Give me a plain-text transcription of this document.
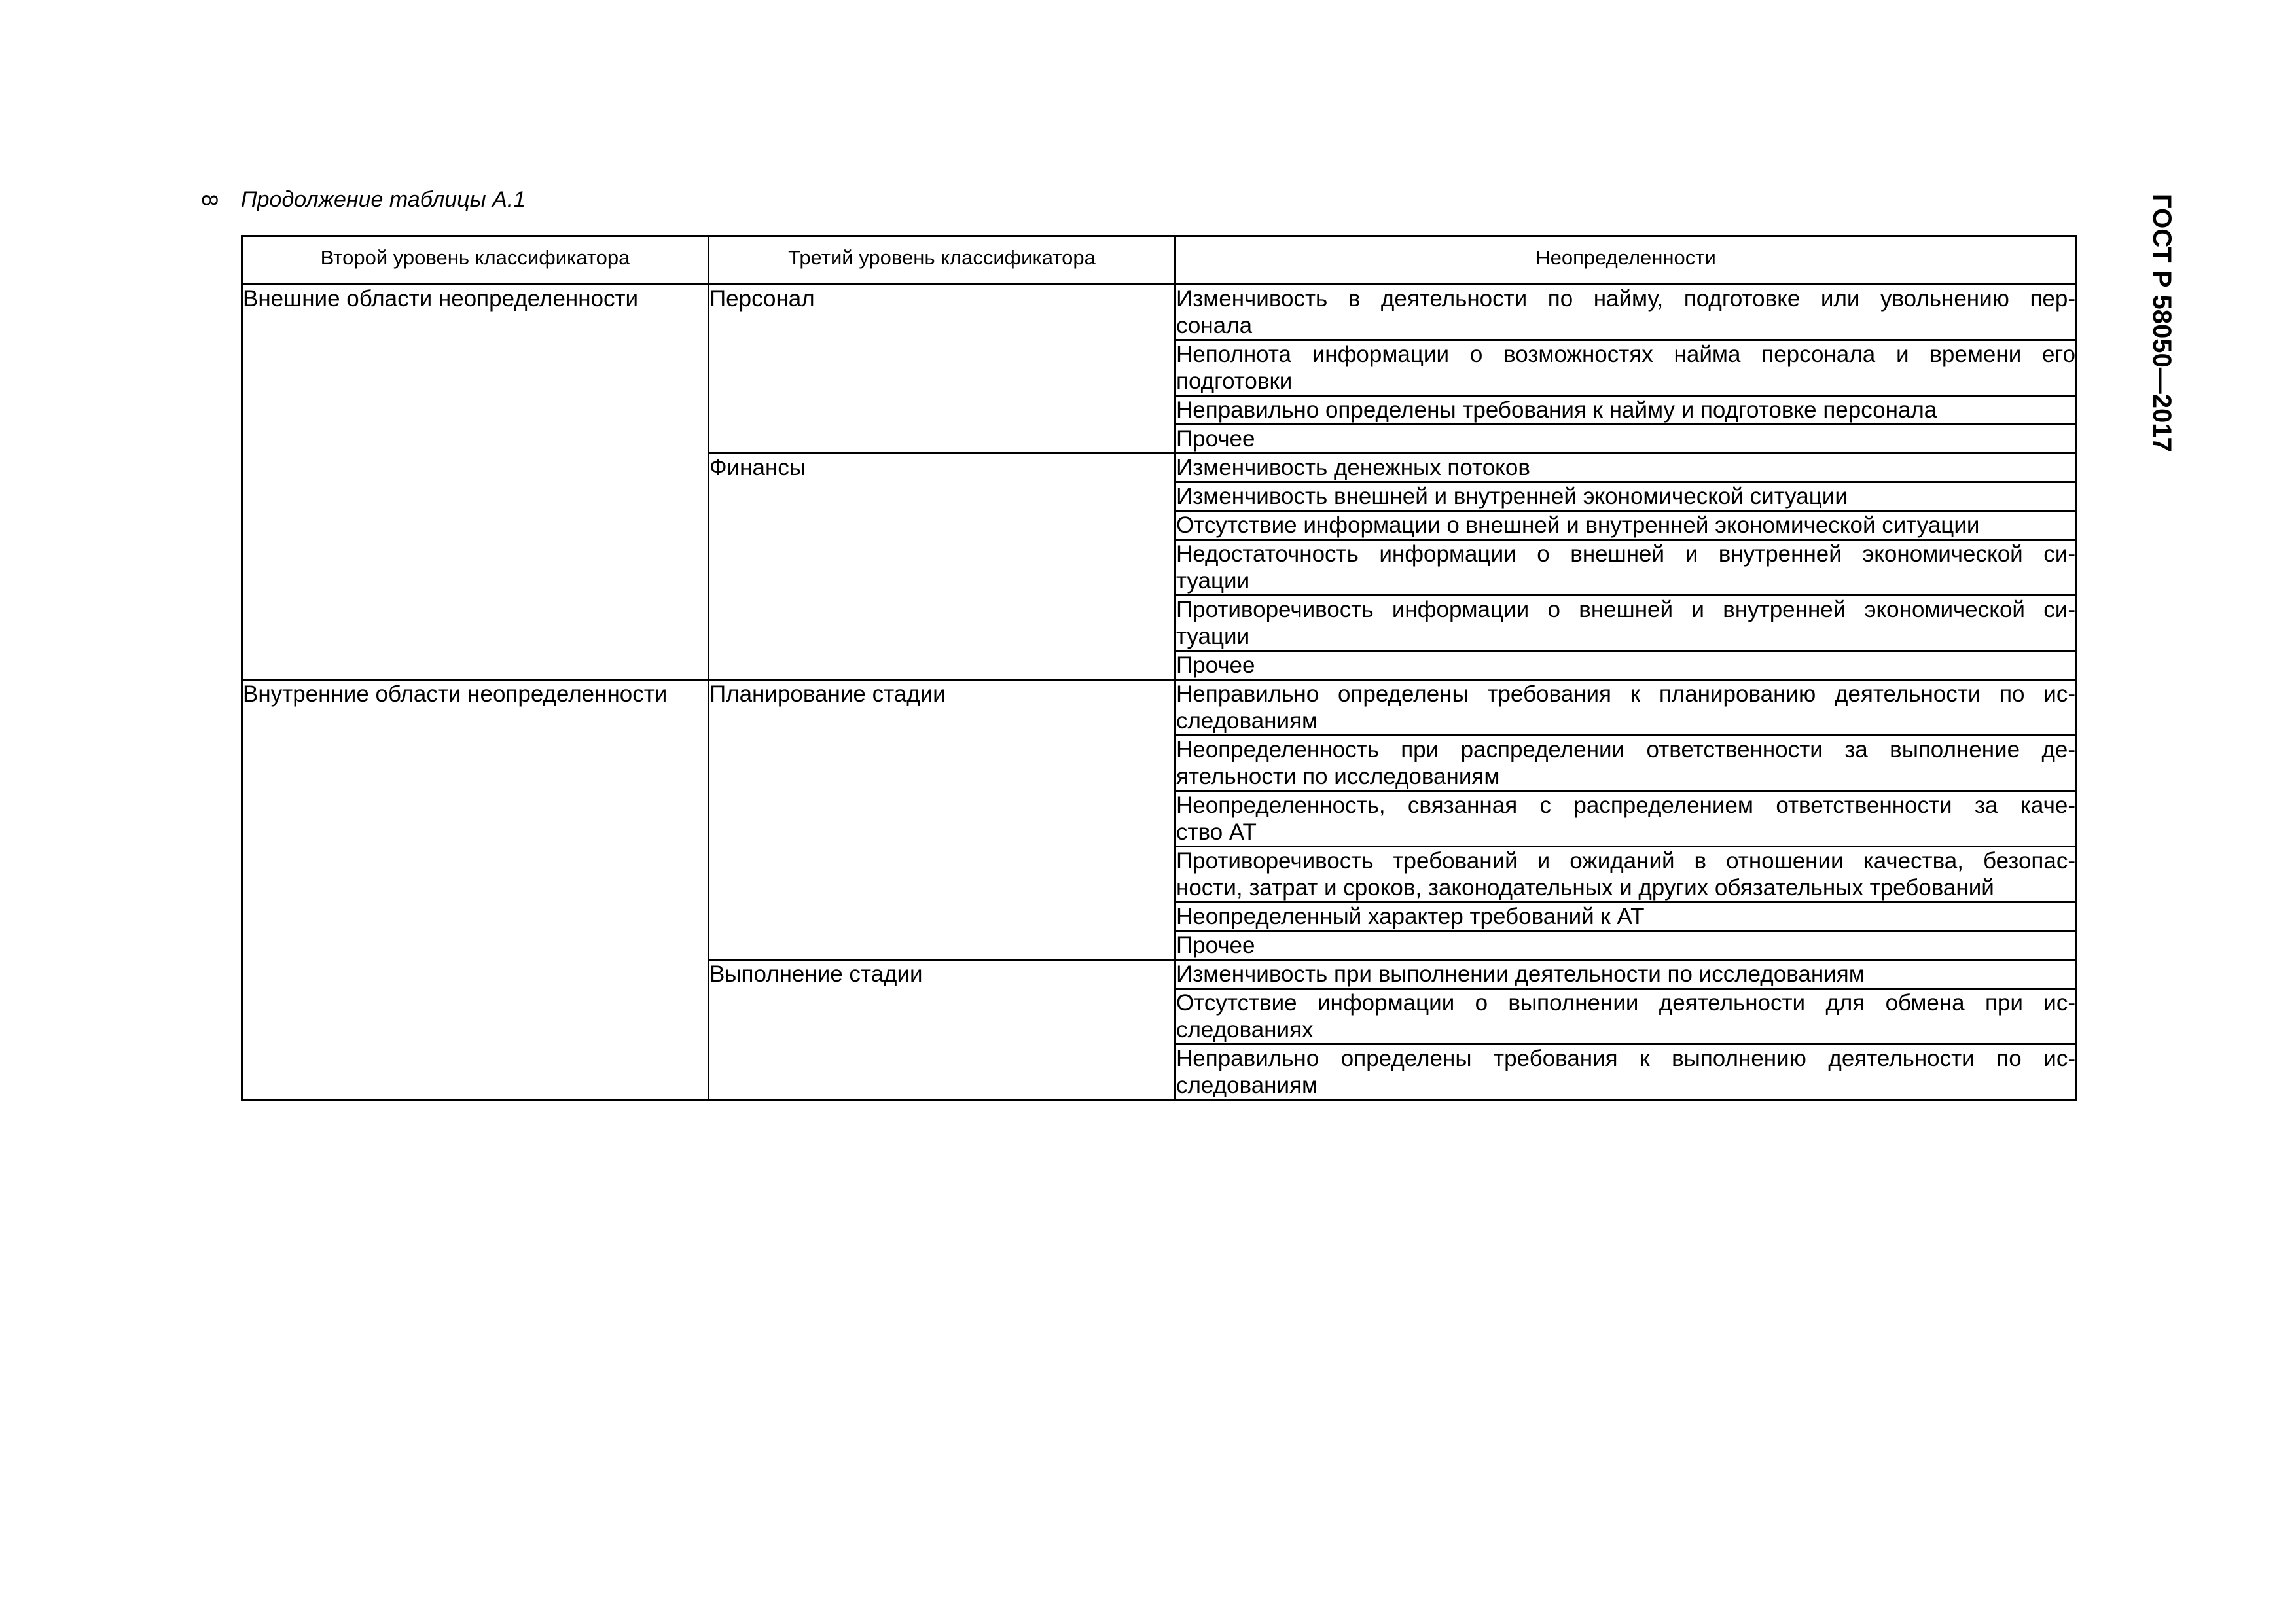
8 Продолжение таблицы А.1	ГОСТ Р 58050—2017
Второй уровень классификатора	Третий уровень классификатора	Неопределенности

Внешние области неопределенности	Персонал	Изменчивость в деятельности по найму, подготовке или увольнению пер-
сонала

		Неполнота информации о возможностях найма персонала и времени его
подготовки

		Неправильно определены требования к найму и подготовке персонала

		Прочее

	Финансы	Изменчивость денежных потоков

		Изменчивость внешней и внутренней экономической ситуации

		Отсутствие информации о внешней и внутренней экономической ситуации

		Недостаточность информации о внешней и внутренней экономической си-
туации

		Противоречивость информации о внешней и внутренней экономической си-
туации

		Прочее

Внутренние области неопределенности	Планирование стадии	Неправильно определены требования к планированию деятельности по ис-
следованиям

		Неопределенность при распределении ответственности за выполнение де-
ятельности по исследованиям

		Неопределенность, связанная с распределением ответственности за каче-
ство АТ

		Противоречивость требований и ожиданий в отношении качества, безопас-
ности, затрат и сроков, законодательных и других обязательных требований

		Неопределенный характер требований к АТ

		Прочее

	Выполнение стадии	Изменчивость при выполнении деятельности по исследованиям

		Отсутствие информации о выполнении деятельности для обмена при ис-
следованиях

		Неправильно определены требования к выполнению деятельности по ис-
следованиям
